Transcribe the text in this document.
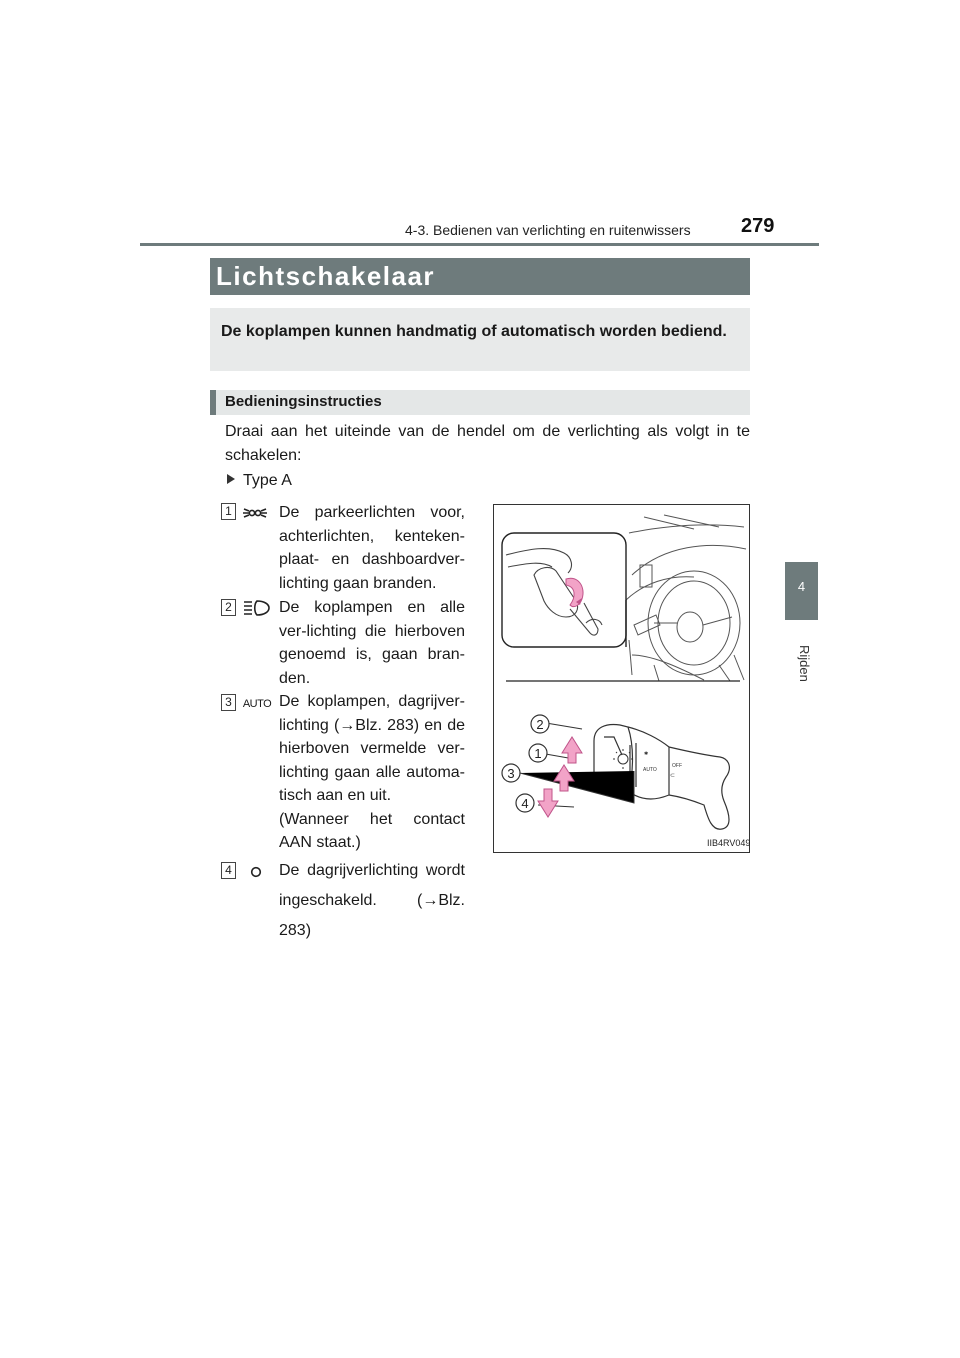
4-3. Bedienen van verlichting en ruitenwissers	279
4
Rijden
Lichtschakelaar
De koplampen kunnen handmatig of automatisch worden bediend.
Bedieningsinstructies
Draai aan het uiteinde van de hendel om de verlichting als volgt in te schakelen:
Type A
1	De parkeerlichten voor, achterlichten, kenteken-plaat- en dashboardver-lichting gaan branden.
2	De koplampen en alle ver-lichting die hierboven genoemd is, gaan bran-den.
3 AUTO De koplampen, dagrijver-lichting (→Blz. 283) en de hierboven vermelde ver-lichting gaan alle automa-tisch aan en uit.
(Wanneer het contact AAN staat.)
4	De dagrijverlichting wordt ingeschakeld. (→Blz. 283)
✱
AUTO
OFF
⊂
2
1
3
4
IIB4RV049
